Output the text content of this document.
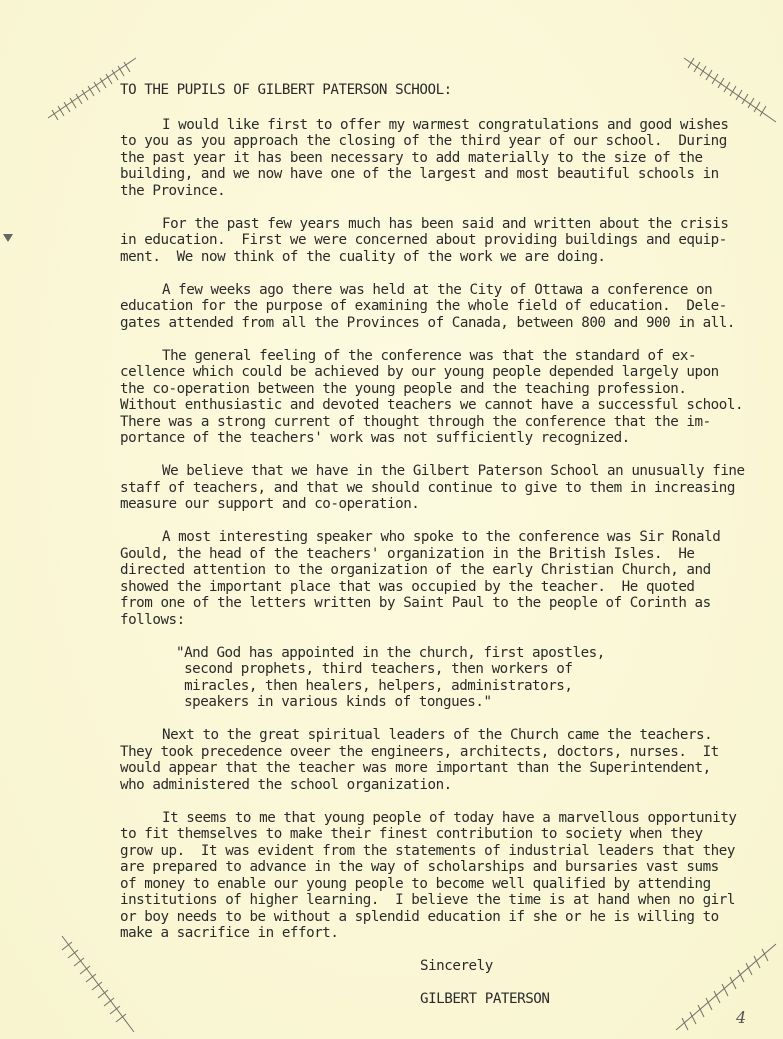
TO THE PUPILS OF GILBERT PATERSON SCHOOL:
I would like first to offer my warmest congratulations and good wishes
to you as you approach the closing of the third year of our school.  During
the past year it has been necessary to add materially to the size of the
building, and we now have one of the largest and most beautiful schools in
the Province.
For the past few years much has been said and written about the crisis
in education.  First we were concerned about providing buildings and equip-
ment.  We now think of the cuality of the work we are doing.
A few weeks ago there was held at the City of Ottawa a conference on
education for the purpose of examining the whole field of education.  Dele-
gates attended from all the Provinces of Canada, between 800 and 900 in all.
The general feeling of the conference was that the standard of ex-
cellence which could be achieved by our young people depended largely upon
the co-operation between the young people and the teaching profession.
Without enthusiastic and devoted teachers we cannot have a successful school.
There was a strong current of thought through the conference that the im-
portance of the teachers' work was not sufficiently recognized.
We believe that we have in the Gilbert Paterson School an unusually fine
staff of teachers, and that we should continue to give to them in increasing
measure our support and co-operation.
A most interesting speaker who spoke to the conference was Sir Ronald
Gould, the head of the teachers' organization in the British Isles.  He
directed attention to the organization of the early Christian Church, and
showed the important place that was occupied by the teacher.  He quoted
from one of the letters written by Saint Paul to the people of Corinth as
follows:
"And God has appointed in the church, first apostles,
second prophets, third teachers, then workers of
miracles, then healers, helpers, administrators,
speakers in various kinds of tongues."
Next to the great spiritual leaders of the Church came the teachers.
They took precedence oveer the engineers, architects, doctors, nurses.  It
would appear that the teacher was more important than the Superintendent,
who administered the school organization.
It seems to me that young people of today have a marvellous opportunity
to fit themselves to make their finest contribution to society when they
grow up.  It was evident from the statements of industrial leaders that they
are prepared to advance in the way of scholarships and bursaries vast sums
of money to enable our young people to become well qualified by attending
institutions of higher learning.  I believe the time is at hand when no girl
or boy needs to be without a splendid education if she or he is willing to
make a sacrifice in effort.
Sincerely
GILBERT PATERSON
4
